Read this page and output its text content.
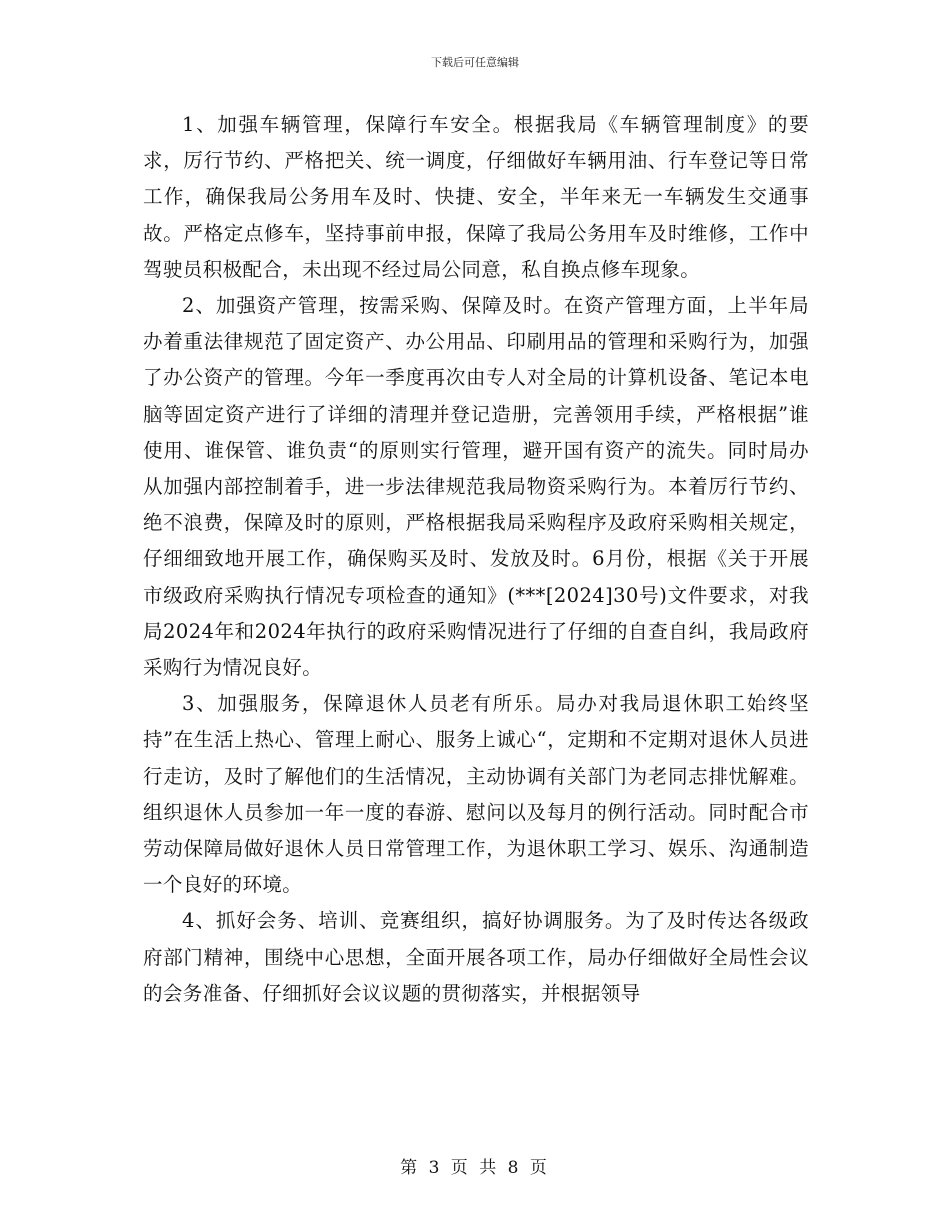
下载后可任意编辑

1、加强车辆管理，保障行车安全。根据我局《车辆管理制度》的要求，厉行节约、严格把关、统一调度，仔细做好车辆用油、行车登记等日常工作，确保我局公务用车及时、快捷、安全，半年来无一车辆发生交通事故。严格定点修车，坚持事前申报，保障了我局公务用车及时维修，工作中驾驶员积极配合，未出现不经过局公同意，私自换点修车现象。

2、加强资产管理，按需采购、保障及时。在资产管理方面，上半年局办着重法律规范了固定资产、办公用品、印刷用品的管理和采购行为，加强了办公资产的管理。今年一季度再次由专人对全局的计算机设备、笔记本电脑等固定资产进行了详细的清理并登记造册，完善领用手续，严格根据”谁使用、谁保管、谁负责“的原则实行管理，避开国有资产的流失。同时局办从加强内部控制着手，进一步法律规范我局物资采购行为。本着厉行节约、绝不浪费，保障及时的原则，严格根据我局采购程序及政府采购相关规定，仔细细致地开展工作，确保购买及时、发放及时。6月份，根据《关于开展市级政府采购执行情况专项检查的通知》(***[2024]30号)文件要求，对我局2024年和2024年执行的政府采购情况进行了仔细的自查自纠，我局政府采购行为情况良好。

3、加强服务，保障退休人员老有所乐。局办对我局退休职工始终坚持”在生活上热心、管理上耐心、服务上诚心“，定期和不定期对退休人员进行走访，及时了解他们的生活情况，主动协调有关部门为老同志排忧解难。组织退休人员参加一年一度的春游、慰问以及每月的例行活动。同时配合市劳动保障局做好退休人员日常管理工作，为退休职工学习、娱乐、沟通制造一个良好的环境。

4、抓好会务、培训、竞赛组织，搞好协调服务。为了及时传达各级政府部门精神，围绕中心思想，全面开展各项工作，局办仔细做好全局性会议的会务准备、仔细抓好会议议题的贯彻落实，并根据领导

第 3 页 共 8 页
